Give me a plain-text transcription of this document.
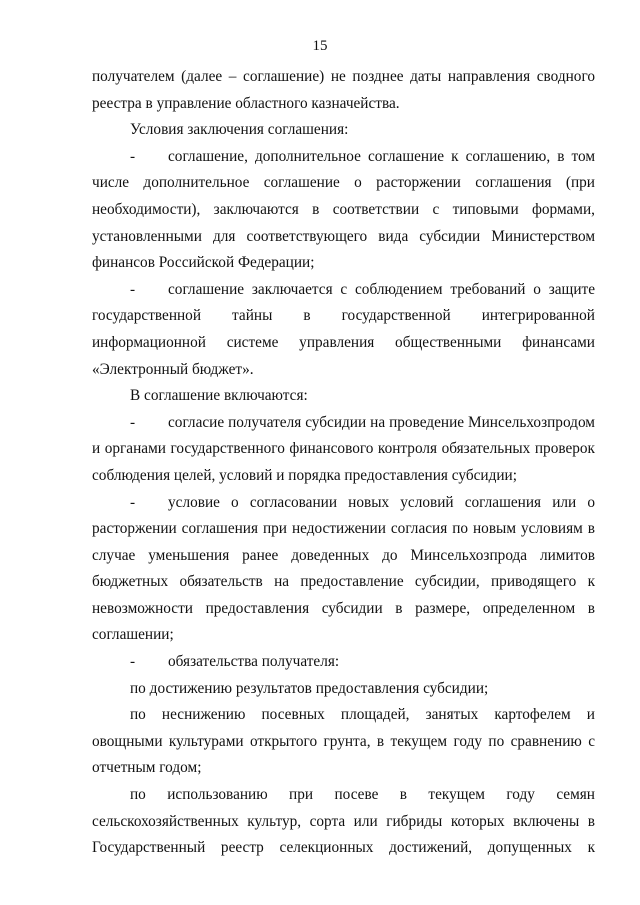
15

получателем (далее – соглашение) не позднее даты направления сводного реестра в управление областного казначейства.

Условия заключения соглашения:

- соглашение, дополнительное соглашение к соглашению, в том числе дополнительное соглашение о расторжении соглашения (при необходимости), заключаются в соответствии с типовыми формами, установленными для соответствующего вида субсидии Министерством финансов Российской Федерации;

- соглашение заключается с соблюдением требований о защите государственной тайны в государственной интегрированной информационной системе управления общественными финансами «Электронный бюджет».

В соглашение включаются:

- согласие получателя субсидии на проведение Минсельхозпродом и органами государственного финансового контроля обязательных проверок соблюдения целей, условий и порядка предоставления субсидии;

- условие о согласовании новых условий соглашения или о расторжении соглашения при недостижении согласия по новым условиям в случае уменьшения ранее доведенных до Минсельхозпрода лимитов бюджетных обязательств на предоставление субсидии, приводящего к невозможности предоставления субсидии в размере, определенном в соглашении;

- обязательства получателя:

по достижению результатов предоставления субсидии;

по неснижению посевных площадей, занятых картофелем и овощными культурами открытого грунта, в текущем году по сравнению с отчетным годом;

по использованию при посеве в текущем году семян сельскохозяйственных культур, сорта или гибриды которых включены в Государственный реестр селекционных достижений, допущенных к
